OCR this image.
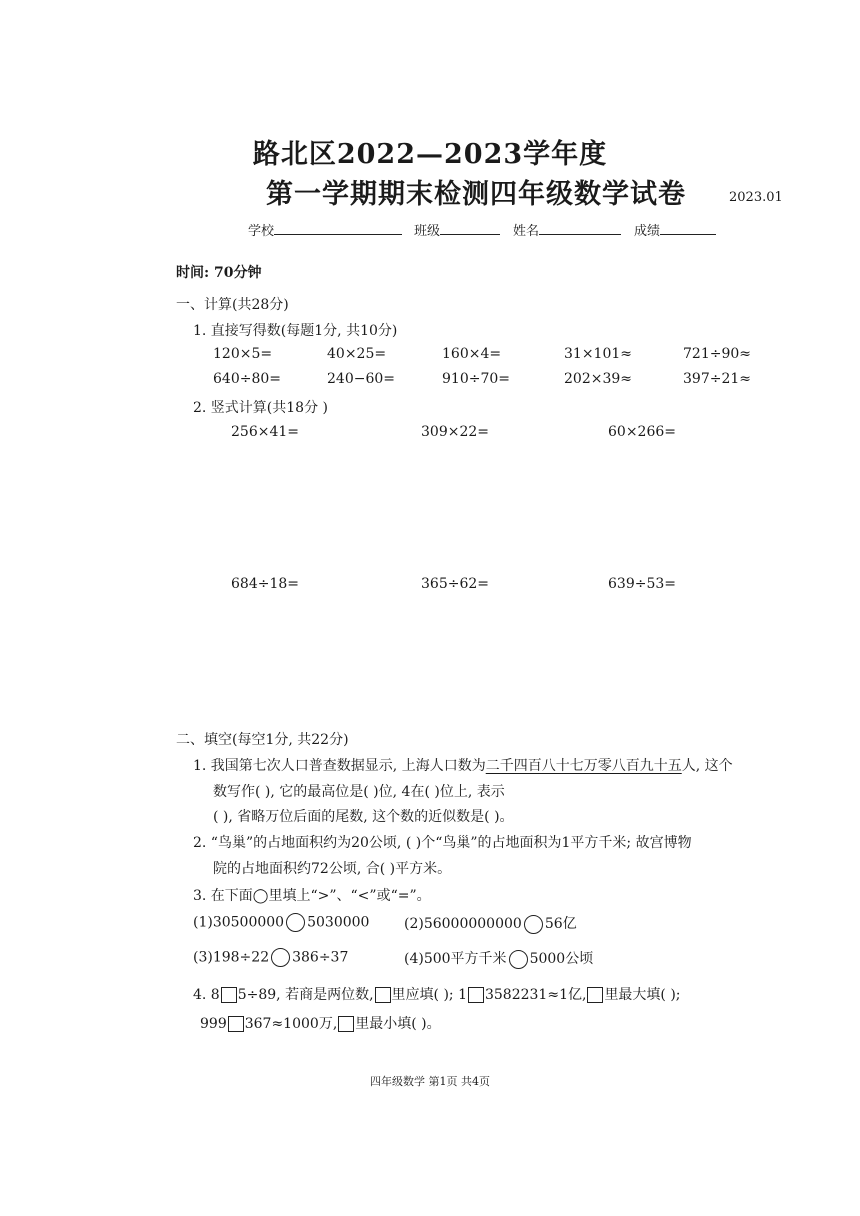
路北区2022—2023学年度
第一学期期末检测四年级数学试卷	2023.01
学校	班级	姓名	成绩
时间: 70分钟
一、计算(共28分)
1. 直接写得数(每题1分, 共10分)
120×5=	40×25=	160×4=	31×101≈	721÷90≈
640÷80=	240−60=	910÷70=	202×39≈	397÷21≈
2. 竖式计算(共18分 )
256×41=	309×22=	60×266=
684÷18=	365÷62=	639÷53=
二、填空(每空1分, 共22分)
1. 我国第七次人口普查数据显示, 上海人口数为二千四百八十七万零八百九十五人, 这个
数写作( ), 它的最高位是( )位, 4在( )位上, 表示
( ), 省略万位后面的尾数, 这个数的近似数是( )。
2. “鸟巢”的占地面积约为20公顷, ( )个“鸟巢”的占地面积为1平方千米; 故宫博物
院的占地面积约72公顷, 合( )平方米。
3. 在下面◯里填上“>”、“<”或“=”。
(1)30500000 5030000 (2)56000000000 56亿
(3)198÷22 386÷37	(4)500平方千米 5000公顷
4. 8 5÷89, 若商是两位数, 里应填( ); 1 3582231≈1亿, 里最大填( );
999 367≈1000万, 里最小填( )。
四年级数学 第1页 共4页
